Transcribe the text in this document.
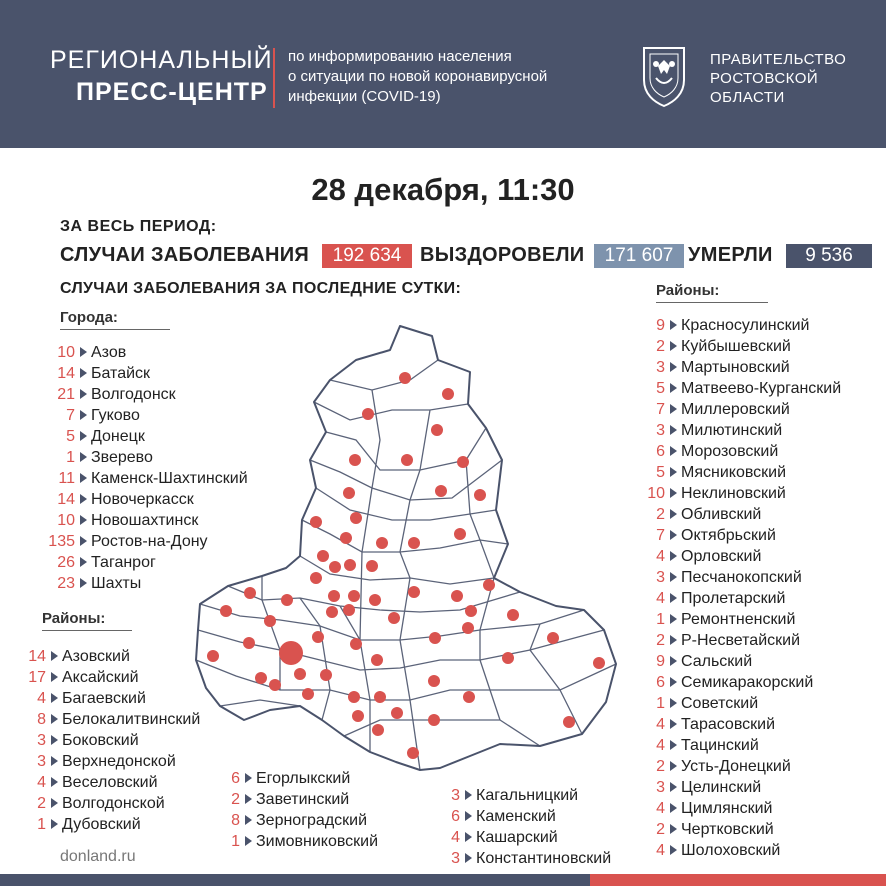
РЕГИОНАЛЬНЫЙ
ПРЕСС-ЦЕНТР
по информированию населения
о ситуации по новой коронавирусной
инфекции (COVID-19)
ПРАВИТЕЛЬСТВО
РОСТОВСКОЙ
ОБЛАСТИ
28 декабря, 11:30
ЗА ВЕСЬ ПЕРИОД:
СЛУЧАИ ЗАБОЛЕВАНИЯ	192 634 ВЫЗДОРОВЕЛИ	171 607 УМЕРЛИ	9 536
СЛУЧАИ ЗАБОЛЕВАНИЯ ЗА ПОСЛЕДНИЕ СУТКИ:
Города:
10 Азов
14 Батайск
21 Волгодонск
7 Гуково
5 Донецк
1 Зверево
11 Каменск-Шахтинский
14 Новочеркасск
10 Новошахтинск
135 Ростов-на-Дону
26 Таганрог
23 Шахты
Районы:
14 Азовский
17 Аксайский
4 Багаевский
8 Белокалитвинский
3 Боковский
3 Верхнедонской
4 Веселовский
2 Волгодонской
1 Дубовский
6 Егорлыкский
2 Заветинский
8 Зерноградский
1 Зимовниковский
3 Кагальницкий
6 Каменский
4 Кашарский
3 Константиновский
Районы:
9 Красносулинский
2 Куйбышевский
3 Мартыновский
5 Матвеево-Курганский
7 Миллеровский
3 Милютинский
6 Морозовский
5 Мясниковский
10 Неклиновский
2 Обливский
7 Октябрьский
4 Орловский
3 Песчанокопский
4 Пролетарский
1 Ремонтненский
2 Р-Несветайский
9 Сальский
6 Семикаракорский
1 Советский
4 Тарасовский
4 Тацинский
2 Усть-Донецкий
3 Целинский
4 Цимлянский
2 Чертковский
4 Шолоховский
donland.ru
